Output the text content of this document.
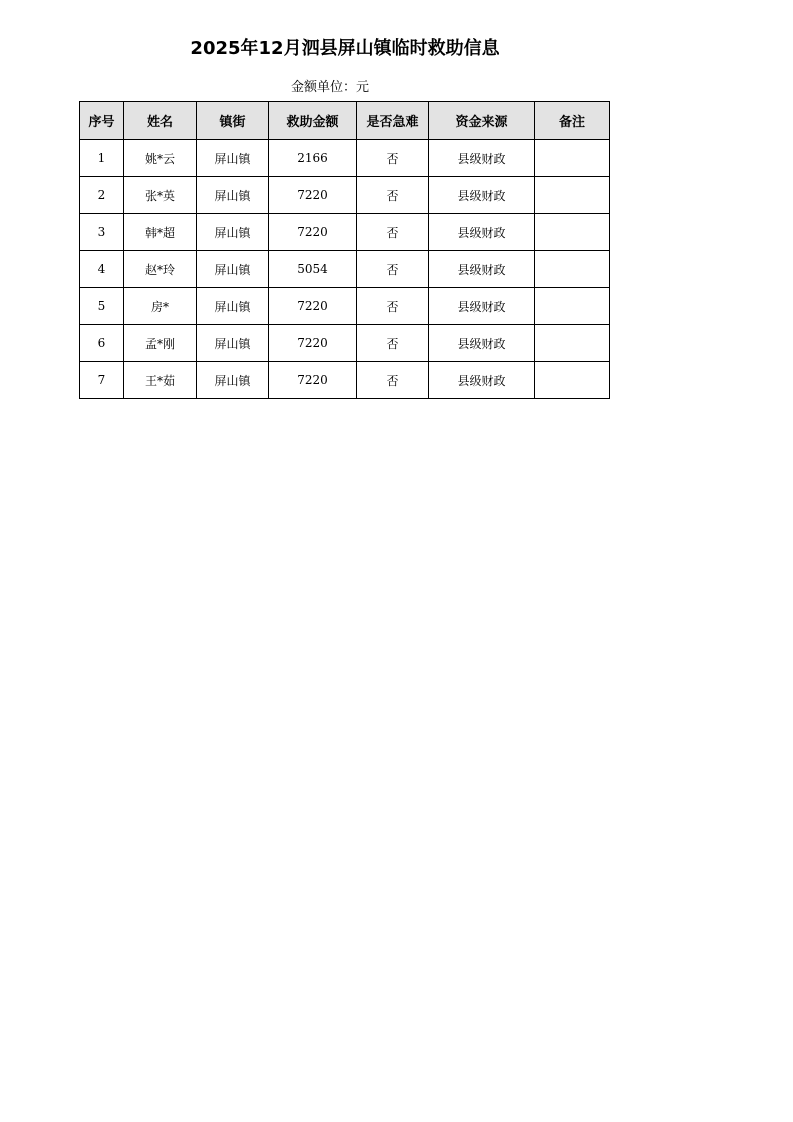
2025年12月泗县屏山镇临时救助信息
金额单位：元
序号	姓名	镇街	救助金额	是否急难	资金来源	备注
1	姚*云	屏山镇	2166	否	县级财政	
2	张*英	屏山镇	7220	否	县级财政	
3	韩*超	屏山镇	7220	否	县级财政	
4	赵*玲	屏山镇	5054	否	县级财政	
5	房*	屏山镇	7220	否	县级财政	
6	孟*刚	屏山镇	7220	否	县级财政	
7	王*茹	屏山镇	7220	否	县级财政	
